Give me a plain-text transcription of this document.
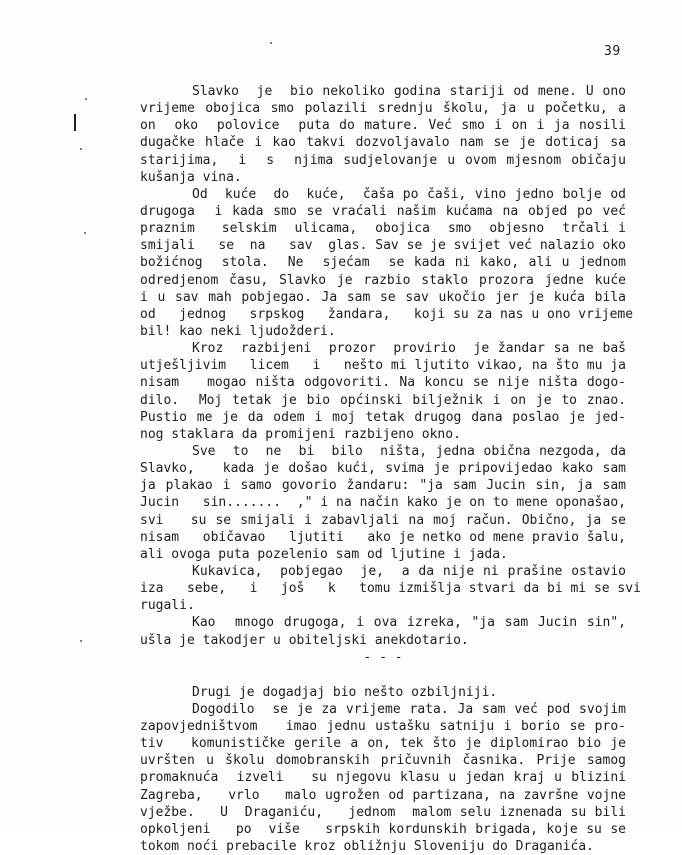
39
Slavko  je  bio nekoliko godina stariji od mene. U ono
vrijeme obojica smo polazili srednju školu, ja u početku, a
on  oko  polovice  puta do mature. Već smo i on i ja nosili
dugačke hlače i kao takvi dozvoljavalo nam se je doticaj sa
starijima,  i  s  njima sudjelovanje u ovom mjesnom običaju
kušanja vina.
Od  kuće  do  kuće,  čaša po čaši, vino jedno bolje od
drugoga  i kada smo se vraćali našim kućama na objed po već
praznim   selskim  ulicama,  obojica  smo  objesno  trčali i
smijali   se  na   sav  glas. Sav se je svijet već nalazio oko
božićnog  stola.  Ne  sjećam  se kada ni kako, ali u jednom
odredjenom času, Slavko je razbio staklo prozora jedne kuće
i u sav mah pobjegao. Ja sam se sav ukočio jer je kuća bila
od   jednog   srpskog   žandara,   koji su za nas u ono vrijeme
bil! kao neki ljudožderi.
Kroz  razbijeni  prozor  provirio  je žandar sa ne baš
utješljivim   licem   i   nešto mi ljutito vikao, na što mu ja
nisam   mogao ništa odgovoriti. Na koncu se nije ništa dogo-
dilo.  Moj tetak je bio općinski bilježnik i on je to znao.
Pustio me je da odem i moj tetak drugog dana poslao je jed-
nog staklara da promijeni razbijeno okno.
Sve  to  ne  bi  bilo  ništa, jedna obična nezgoda, da
Slavko,   kada je došao kući, svima je pripovijedao kako sam
ja plakao i samo govorio žandaru: "ja sam Jucin sin, ja sam
Jucin   sin.......  ," i na način kako je on to mene oponašao,
svi   su se smijali i zabavljali na moj račun. Obično, ja se
nisam   običavao   ljutiti   ako je netko od mene pravio šalu,
ali ovoga puta pozelenio sam od ljutine i jada.
Kukavica,  pobjegao  je,  a da nije ni prašine ostavio
iza   sebe,   i   još   k   tomu izmišlja stvari da bi mi se svi
rugali.
Kao  mnogo drugoga, i ova izreka, "ja sam Jucin sin",
ušla je takodjer u obiteljski anekdotario.
- - -
Drugi je dogadjaj bio nešto ozbiljniji.
Dogodilo  se je za vrijeme rata. Ja sam već pod svojim
zapovjedništvom   imao jednu ustašku satniju i borio se pro-
tiv   komunističke gerile a on, tek što je diplomirao bio je
uvršten u školu domobranskih pričuvnih časnika. Prije samog
promaknuća  izveli   su njegovu klasu u jedan kraj u blizini
Zagreba,   vrlo   malo ugrožen od partizana, na završne vojne
vježbe.   U  Draganiću,   jednom  malom selu iznenada su bili
opkoljeni   po  više   srpskih kordunskih brigada, koje su se
tokom noći prebacile kroz obližnju Sloveniju do Draganića.
